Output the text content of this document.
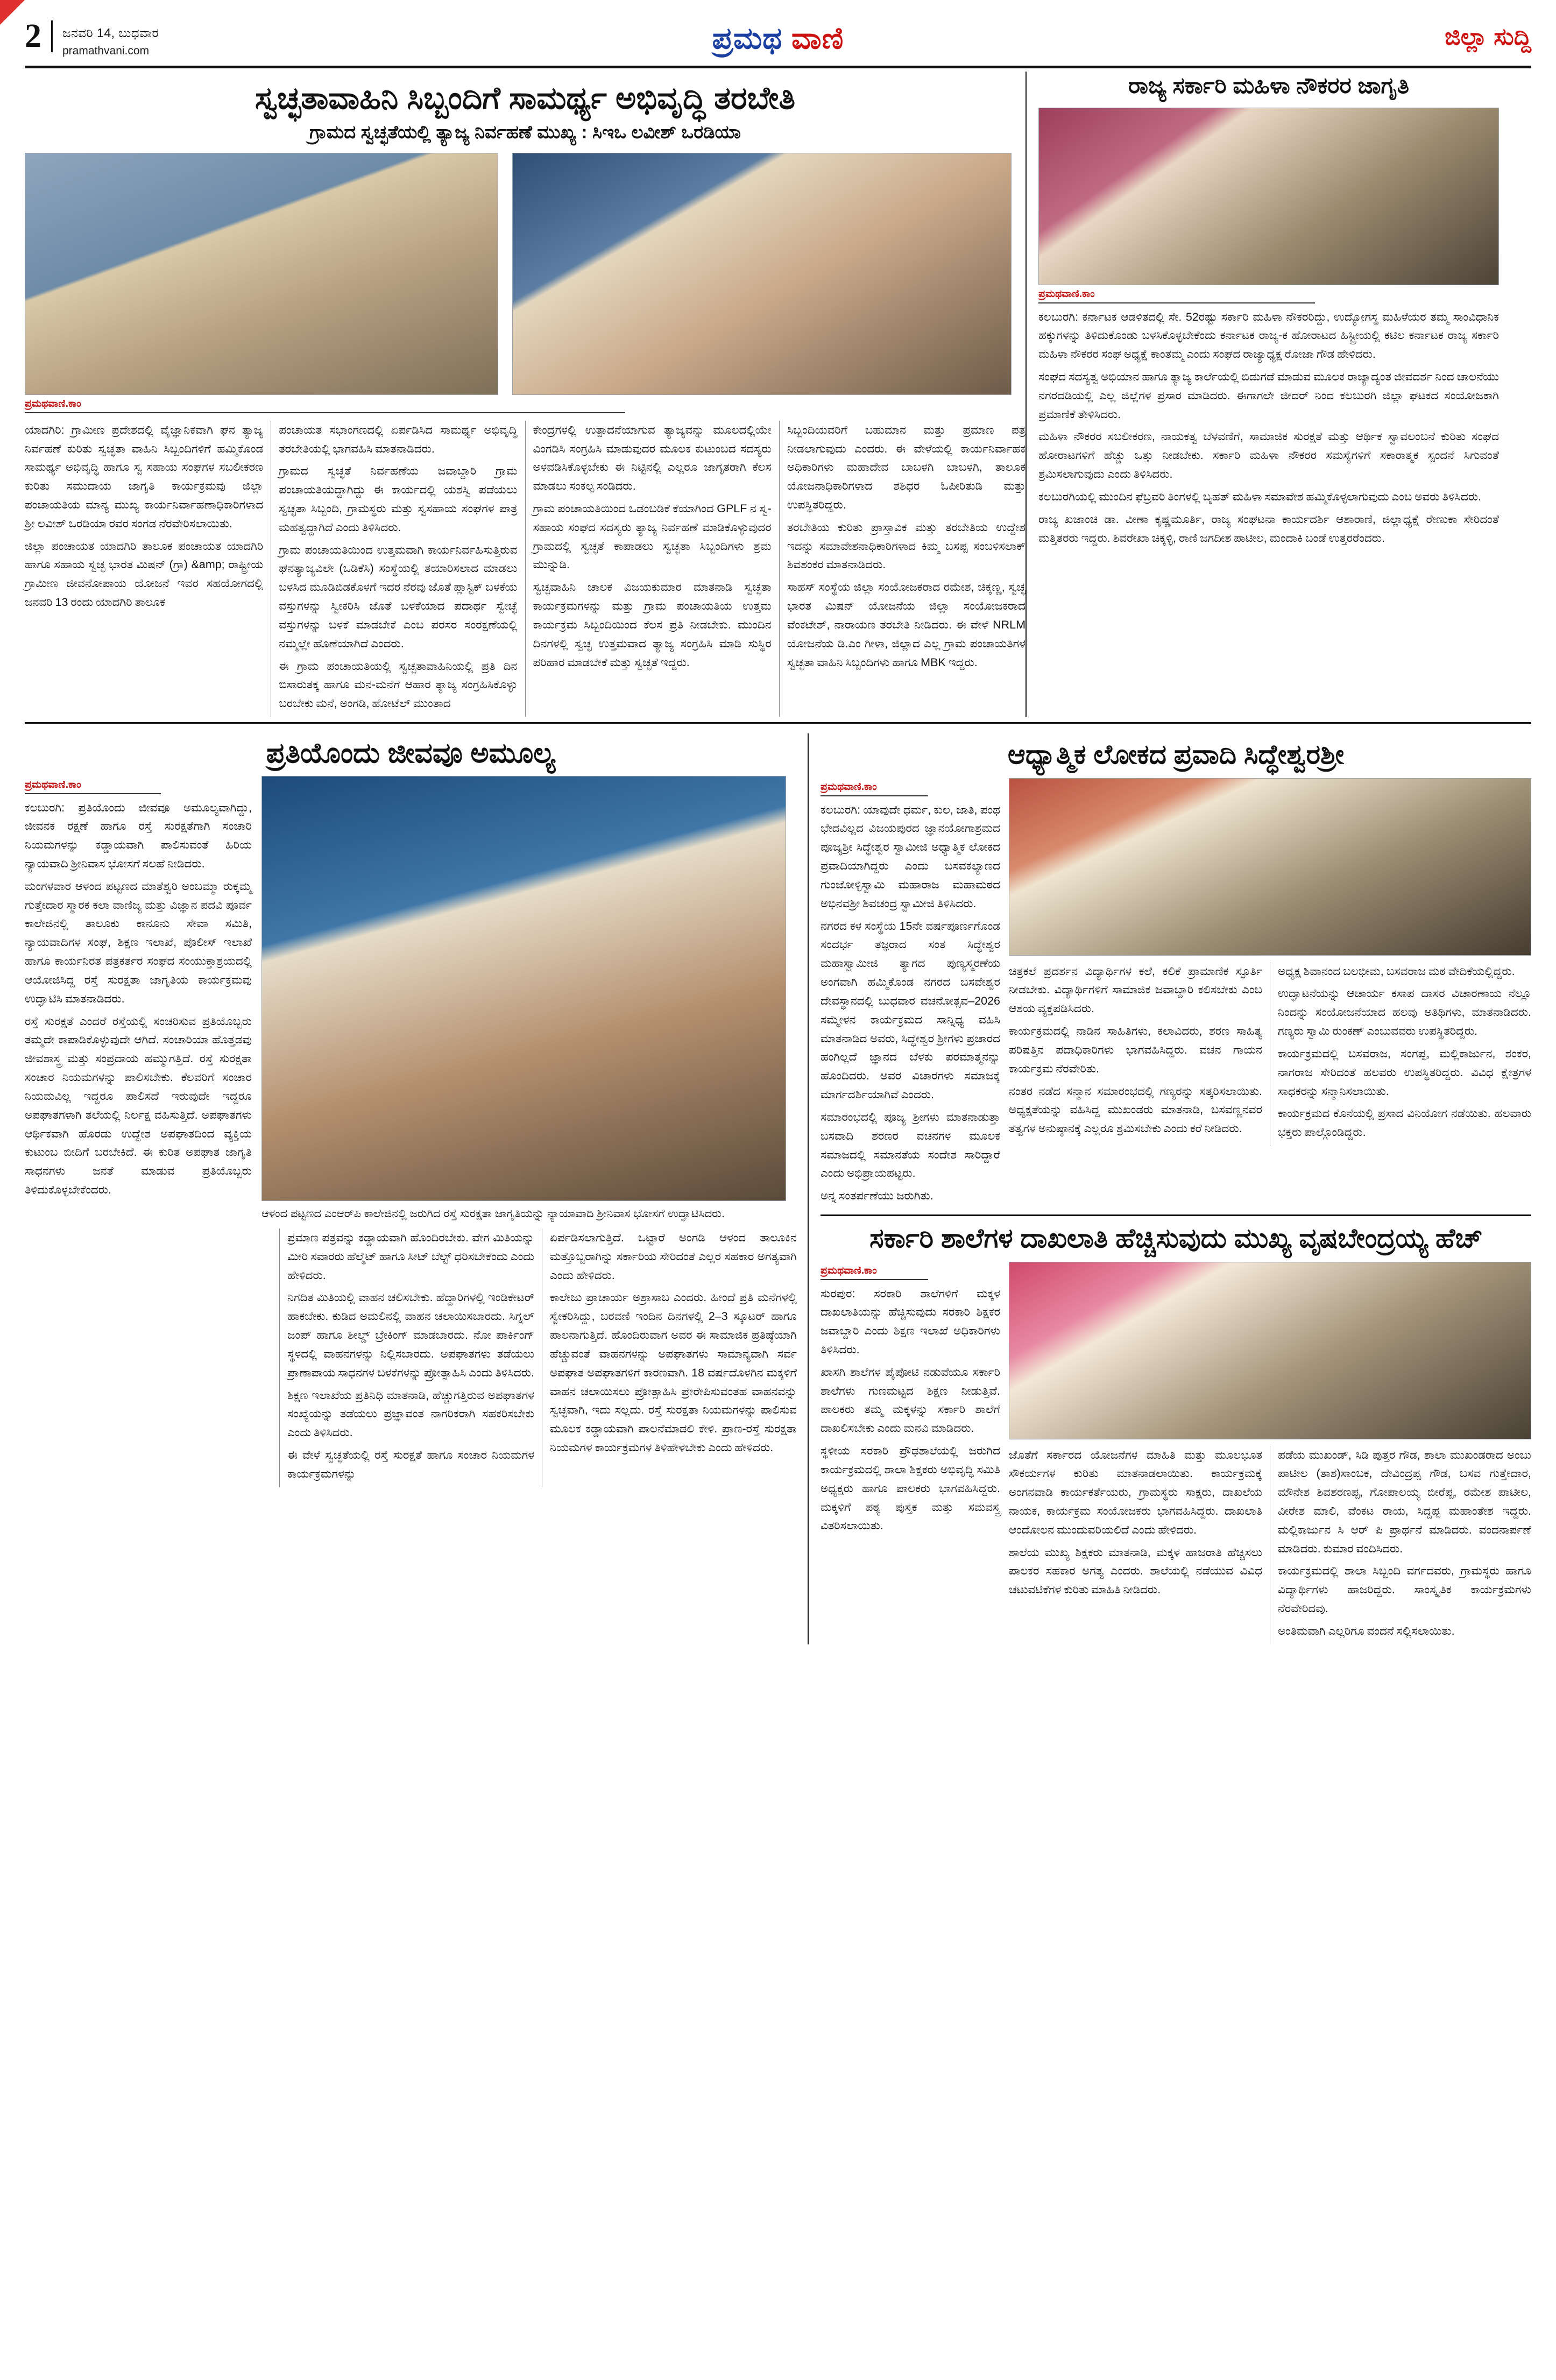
2	ಜನವರಿ 14, ಬುಧವಾರ
pramathvani.com	ಪ್ರಮಥ ವಾಣಿ	ಜಿಲ್ಲಾ ಸುದ್ದಿ
ಸ್ವಚ್ಛತಾವಾಹಿನಿ ಸಿಬ್ಬಂದಿಗೆ ಸಾಮರ್ಥ್ಯ ಅಭಿವೃದ್ಧಿ ತರಬೇತಿ
ಗ್ರಾಮದ ಸ್ವಚ್ಛತೆಯಲ್ಲಿ ತ್ಯಾಜ್ಯ ನಿರ್ವಹಣೆ ಮುಖ್ಯ : ಸಿಇಒ ಲವೀಶ್ ಒರಡಿಯಾ
ಪ್ರಮಥವಾಣಿ.ಕಾಂ

ಯಾದಗಿರಿ: ಗ್ರಾಮೀಣ ಪ್ರದೇಶದಲ್ಲಿ ವೈಜ್ಞಾನಿಕವಾಗಿ ಘನ ತ್ಯಾಜ್ಯ ನಿರ್ವಹಣೆ ಕುರಿತು ಸ್ವಚ್ಛತಾ ವಾಹಿನಿ ಸಿಬ್ಬಂದಿಗಳಿಗೆ ಹಮ್ಮಿಕೊಂಡ ಸಾಮರ್ಥ್ಯ ಅಭಿವೃದ್ಧಿ ಹಾಗೂ ಸ್ವ ಸಹಾಯ ಸಂಘಗಳ ಸಬಲೀಕರಣ ಕುರಿತು ಸಮುದಾಯ ಜಾಗೃತಿ ಕಾರ್ಯಕ್ರಮವು ಜಿಲ್ಲಾ ಪಂಚಾಯತಿಯ ಮಾನ್ಯ ಮುಖ್ಯ ಕಾರ್ಯನಿರ್ವಾಹಣಾಧಿಕಾರಿಗಳಾದ ಶ್ರೀ ಲವೀಶ್ ಒರಡಿಯಾ ರವರ ಸಂಗಡ ನೆರವೇರಿಸಲಾಯಿತು.

ಜಿಲ್ಲಾ ಪಂಚಾಯತ ಯಾದಗಿರಿ ತಾಲೂಕ ಪಂಚಾಯತ ಯಾದಗಿರಿ ಹಾಗೂ ಸಹಾಯ ಸ್ವಚ್ಛ ಭಾರತ ಮಿಷನ್ (ಗ್ರಾ) &amp; ರಾಷ್ಟ್ರೀಯ ಗ್ರಾಮೀಣ ಜೀವನೋಪಾಯ ಯೋಜನೆ ಇವರ ಸಹಯೋಗದಲ್ಲಿ ಜನವರಿ 13 ರಂದು ಯಾದಗಿರಿ ತಾಲೂಕ

ಪಂಚಾಯತ ಸಭಾಂಗಣದಲ್ಲಿ ಏರ್ಪಡಿಸಿದ ಸಾಮರ್ಥ್ಯ ಅಭಿವೃದ್ಧಿ ತರಬೇತಿಯಲ್ಲಿ ಭಾಗವಹಿಸಿ ಮಾತನಾಡಿದರು.

ಗ್ರಾಮದ ಸ್ವಚ್ಛತೆ ನಿರ್ವಹಣೆಯ ಜವಾಬ್ದಾರಿ ಗ್ರಾಮ ಪಂಚಾಯತಿಯದ್ದಾಗಿದ್ದು ಈ ಕಾರ್ಯದಲ್ಲಿ ಯಶಸ್ವಿ ಪಡೆಯಲು ಸ್ವಚ್ಛತಾ ಸಿಬ್ಬಂದಿ, ಗ್ರಾಮಸ್ಥರು ಮತ್ತು ಸ್ವಸಹಾಯ ಸಂಘಗಳ ಪಾತ್ರ ಮಹತ್ವದ್ದಾಗಿದೆ ಎಂದು ತಿಳಿಸಿದರು.

ಗ್ರಾಮ ಪಂಚಾಯತಿಯಿಂದ ಉತ್ತಮವಾಗಿ ಕಾರ್ಯನಿರ್ವಹಿಸುತ್ತಿರುವ ಘನತ್ಯಾಜ್ಯವಿಲೇ (ಒಡಿಕೆಸಿ) ಸಂಸ್ಥೆಯಲ್ಲಿ ತಯಾರಿಸಲಾದ ಮಾಡಲು ಬಳಸಿದ ಮೂಡಿಬಿಡಕೊಳಗೆ ಇದರ ನೆರವು ಜೊತೆ ಪ್ಲಾಸ್ಟಿಕ್ ಬಳಕೆಯ ವಸ್ತುಗಳನ್ನು ಸ್ವೀಕರಿಸಿ ಜೊತೆ ಬಳಕೆಯಾದ ಪದಾರ್ಥ ಸ್ವೇಚ್ಛೆ ವಸ್ತುಗಳನ್ನು ಬಳಕೆ ಮಾಡಬೇಕೆ ಎಂಬ ಪರಸರ ಸಂರಕ್ಷಣೆಯಲ್ಲಿ ನಮ್ಮಲ್ಲೇ ಹೊಣೆಯಾಗಿದೆ ಎಂದರು.

ಈ ಗ್ರಾಮ ಪಂಚಾಯತಿಯಲ್ಲಿ ಸ್ವಚ್ಛತಾವಾಹಿನಿಯಲ್ಲಿ ಪ್ರತಿ ದಿನ ಬಿಸಾರುತಕ್ಕ ಹಾಗೂ ಮನ-ಮನೆಗೆ ಆಹಾರ ತ್ಯಾಜ್ಯ ಸಂಗ್ರಹಿಸಿಕೊಳ್ಳು ಬರಬೇಕು ಮನೆ, ಅಂಗಡಿ, ಹೋಟೆಲ್ ಮುಂತಾದ

ಕೇಂದ್ರಗಳಲ್ಲಿ ಉತ್ಪಾದನೆಯಾಗುವ ತ್ಯಾಜ್ಯವನ್ನು ಮೂಲದಲ್ಲಿಯೇ ವಿಂಗಡಿಸಿ ಸಂಗ್ರಹಿಸಿ ಮಾಡುವುದರ ಮೂಲಕ ಕುಟುಂಬದ ಸದಸ್ಯರು ಅಳವಡಿಸಿಕೊಳ್ಳಬೇಕು ಈ ನಿಟ್ಟಿನಲ್ಲಿ ಎಲ್ಲರೂ ಜಾಗೃತರಾಗಿ ಕೆಲಸ ಮಾಡಲು ಸಂಕಲ್ಪ ಸಂಡಿದರು.

ಗ್ರಾಮ ಪಂಚಾಯತಿಯಿಂದ ಒಡಂಬಡಿಕೆ ಕೆಯಾಗಿಂದ GPLF ನ ಸ್ವ-ಸಹಾಯ ಸಂಘದ ಸದಸ್ಯರು ತ್ಯಾಜ್ಯ ನಿರ್ವಹಣೆ ಮಾಡಿಕೊಳ್ಳುವುದರ ಗ್ರಾಮದಲ್ಲಿ ಸ್ವಚ್ಛತೆ ಕಾಪಾಡಲು ಸ್ವಚ್ಛತಾ ಸಿಬ್ಬಂದಿಗಳು ಶ್ರಮ ಮುನ್ನುಡಿ.

ಸ್ವಚ್ಛವಾಹಿನಿ ಚಾಲಕ ವಿಜಯಕುಮಾರ ಮಾತನಾಡಿ ಸ್ವಚ್ಛತಾ ಕಾರ್ಯಕ್ರಮಗಳನ್ನು ಮತ್ತು ಗ್ರಾಮ ಪಂಚಾಯತಿಯ ಉತ್ತಮ ಕಾರ್ಯಕ್ರಮ ಸಿಬ್ಬಂದಿಯಿಂದ ಕೆಲಸ ಪ್ರತಿ ನೀಡಬೇಕು. ಮುಂದಿನ ದಿನಗಳಲ್ಲಿ ಸ್ವಚ್ಛ ಉತ್ತಮವಾದ ತ್ಯಾಜ್ಯ ಸಂಗ್ರಹಿಸಿ ಮಾಡಿ ಸುಸ್ಥಿರ ಪರಿಹಾರ ಮಾಡಬೇಕೆ ಮತ್ತು ಸ್ವಚ್ಛತೆ ಇದ್ದರು.

ಸಿಬ್ಬಂದಿಯವರಿಗೆ ಬಹುಮಾನ ಮತ್ತು ಪ್ರಮಾಣ ಪತ್ರ ನೀಡಲಾಗುವುದು ಎಂದರು. ಈ ವೇಳೆಯಲ್ಲಿ ಕಾರ್ಯನಿರ್ವಾಹಕ ಅಧಿಕಾರಿಗಳು ಮಹಾದೇವ ಬಾಬಳಗಿ ಬಾಬಳಗಿ, ತಾಲೂಕ ಯೋಜನಾಧಿಕಾರಿಗಳಾದ ಶಶಿಧರ ಓಪೀರಿತುಡಿ ಮತ್ತು ಉಪಸ್ಥಿತರಿದ್ದರು.

ತರಬೇತಿಯ ಕುರಿತು ಪ್ರಾಸ್ತಾವಿಕ ಮತ್ತು ತರಬೇತಿಯ ಉದ್ದೇಶ ಇದನ್ನು ಸಮಾವೇಶನಾಧಿಕಾರಿಗಳಾದ ಕಿಮ್ಮ ಬಸಪ್ಪ ಸಂಬಳಿಸಲಾಕ್ ಶಿವಶಂಕರ ಮಾತನಾಡಿದರು.

ಸಾಹಸ್ ಸಂಸ್ಥೆಯ ಜಿಲ್ಲಾ ಸಂಯೋಜಕರಾದ ರಮೇಶ, ಚಿಕ್ಕಣ್ಣ, ಸ್ವಚ್ಛ ಭಾರತ ಮಿಷನ್ ಯೋಜನೆಯ ಜಿಲ್ಲಾ ಸಂಯೋಜಕರಾದ ವೆಂಕಟೇಶ್, ನಾರಾಯಣ ತರಬೇತಿ ನೀಡಿದರು. ಈ ವೇಳೆ NRLM ಯೋಜನೆಯ ಡಿ.ಎಂ ಗೀಳಾ, ಜಿಲ್ಲಾದ ಎಲ್ಲ ಗ್ರಾಮ ಪಂಚಾಯತಿಗಳ ಸ್ವಚ್ಛತಾ ವಾಹಿನಿ ಸಿಬ್ಬಂದಿಗಳು ಹಾಗೂ MBK ಇದ್ದರು.

ರಾಜ್ಯ ಸರ್ಕಾರಿ ಮಹಿಳಾ ನೌಕರರ ಜಾಗೃತಿ
ಪ್ರಮಥವಾಣಿ.ಕಾಂ

ಕಲಬುರಗಿ: ಕರ್ನಾಟಕ ಆಡಳಿತದಲ್ಲಿ ಸೇ. 52ರಷ್ಟು ಸರ್ಕಾರಿ ಮಹಿಳಾ ನೌಕರರಿದ್ದು, ಉದ್ಯೋಗಸ್ಥ ಮಹಿಳೆಯರ ತಮ್ಮ ಸಾಂವಿಧಾನಿಕ ಹಕ್ಕುಗಳನ್ನು ತಿಳಿದುಕೊಂಡು ಬಳಸಿಕೊಳ್ಳಬೇಕೆಂದು ಕರ್ನಾಟಕ ರಾಜ್ಯ-ಕ ಹೋರಾಟದ ಹಿಸ್ಟ್ರೀಯಲ್ಲಿ ಕಟಿಲ ಕರ್ನಾಟಕ ರಾಜ್ಯ ಸರ್ಕಾರಿ ಮಹಿಳಾ ನೌಕರರ ಸಂಘ ಅಧ್ಯಕ್ಷೆ ಕಾಂತಮ್ಮ ಎಂದು ಸಂಘದ ರಾಜ್ಯಾಧ್ಯಕ್ಷ ರೋಜಾ ಗೌಡ ಹೇಳಿದರು.

ಸಂಘದ ಸದಸ್ಯತ್ವ ಅಭಿಯಾನ ಹಾಗೂ ತ್ಯಾಜ್ಯ ಕಾರ್ಲೆಯಲ್ಲಿ ಬಿಡುಗಡೆ ಮಾಡುವ ಮೂಲಕ ರಾಜ್ಯಾದ್ಯಂತ ಜೀವದರ್ಶ ನಿಂದ ಚಾಲನೆಯು ನಗರದಡಿಯಲ್ಲಿ ಎಲ್ಲ ಜಿಲ್ಲೆಗಳ ಪ್ರಸಾರ ಮಾಡಿದರು. ಈಗಾಗಲೇ ಜೀದರ್ ನಿಂದ ಕಲಬುರಗಿ ಜಿಲ್ಲಾ ಘಟಕದ ಸಂಯೋಜಕಾಗಿ ಪ್ರಮಾಣಿಕೆ ತೇಳಿಸಿದರು.

ಮಹಿಳಾ ನೌಕರರ ಸಬಲೀಕರಣ, ನಾಯಕತ್ವ ಬೆಳವಣಿಗೆ, ಸಾಮಾಜಿಕ ಸುರಕ್ಷತೆ ಮತ್ತು ಆರ್ಥಿಕ ಸ್ವಾವಲಂಬನೆ ಕುರಿತು ಸಂಘದ ಹೋರಾಟಗಳಿಗೆ ಹೆಚ್ಚು ಒತ್ತು ನೀಡಬೇಕು. ಸರ್ಕಾರಿ ಮಹಿಳಾ ನೌಕರರ ಸಮಸ್ಯೆಗಳಿಗೆ ಸಕಾರಾತ್ಮಕ ಸ್ಪಂದನೆ ಸಿಗುವಂತೆ ಶ್ರಮಿಸಲಾಗುವುದು ಎಂದು ತಿಳಿಸಿದರು.

ಕಲಬುರಗಿಯಲ್ಲಿ ಮುಂದಿನ ಫೆಬ್ರವರಿ ತಿಂಗಳಲ್ಲಿ ಬೃಹತ್ ಮಹಿಳಾ ಸಮಾವೇಶ ಹಮ್ಮಿಕೊಳ್ಳಲಾಗುವುದು ಎಂಬ ಅವರು ತಿಳಿಸಿದರು.

ರಾಜ್ಯ ಖಜಾಂಚಿ ಡಾ. ವೀಣಾ ಕೃಷ್ಣಮೂರ್ತಿ, ರಾಜ್ಯ ಸಂಘಟನಾ ಕಾರ್ಯದರ್ಶಿ ಆಶಾರಾಣಿ, ಜಿಲ್ಲಾಧ್ಯಕ್ಷೆ ರೇಣುಕಾ ಸೇರಿದಂತೆ ಮತ್ತಿತರರು ಇದ್ದರು. ಶಿವರೇಖಾ ಚಿಕ್ಕಳ್ಳಿ, ರಾಣಿ ಜಗದೀಶ ಪಾಟೀಲ, ಮಂದಾಕಿ ಬಂಡೆ ಉತ್ತರರೆಂದರು.

ಪ್ರತಿಯೊಂದು ಜೀವವೂ ಅಮೂಲ್ಯ
ಪ್ರಮಥವಾಣಿ.ಕಾಂ

ಕಲಬುರಗಿ: ಪ್ರತಿಯೊಂದು ಜೀವವೂ ಅಮೂಲ್ಯವಾಗಿದ್ದು, ಜೀವನಕ ರಕ್ಷಣೆ ಹಾಗೂ ರಸ್ತೆ ಸುರಕ್ಷತೆಗಾಗಿ ಸಂಚಾರಿ ನಿಯಮಗಳನ್ನು ಕಡ್ಡಾಯವಾಗಿ ಪಾಲಿಸುವಂತೆ ಹಿರಿಯ ನ್ಯಾಯವಾದಿ ಶ್ರೀನಿವಾಸ ಭೋಸಗೆ ಸಲಹೆ ನೀಡಿದರು.

ಮಂಗಳವಾರ ಆಳಂದ ಪಟ್ಟಣದ ಮಾತೆಶ್ವರಿ ಅಂಬಮ್ಮಾ ರುಕ್ಕಮ್ಮ ಗುತ್ತೇದಾರ ಸ್ಮಾರಕ ಕಲಾ ವಾಣಿಜ್ಯ ಮತ್ತು ವಿಜ್ಞಾನ ಪದವಿ ಪೂರ್ವ ಕಾಲೇಜಿನಲ್ಲಿ ತಾಲೂಕು ಕಾನೂನು ಸೇವಾ ಸಮಿತಿ, ನ್ಯಾಯವಾದಿಗಳ ಸಂಘ, ಶಿಕ್ಷಣ ಇಲಾಖೆ, ಪೊಲೀಸ್ ಇಲಾಖೆ ಹಾಗೂ ಕಾರ್ಯನಿರತ ಪತ್ರಕರ್ತರ ಸಂಘದ ಸಂಯುಕ್ತಾಶ್ರಯದಲ್ಲಿ ಆಯೋಜಿಸಿದ್ದ ರಸ್ತೆ ಸುರಕ್ಷತಾ ಜಾಗೃತಿಯ ಕಾರ್ಯಕ್ರಮವು ಉದ್ಘಾಟಿಸಿ ಮಾತನಾಡಿದರು.

ರಸ್ತೆ ಸುರಕ್ಷತೆ ಎಂದರೆ ರಸ್ತೆಯಲ್ಲಿ ಸಂಚರಿಸುವ ಪ್ರತಿಯೊಬ್ಬರು ತಮ್ಮದೇ ಕಾಪಾಡಿಕೊಳ್ಳುವುದೇ ಆಗಿದೆ. ಸಂಚಾರಿಯಾ ಹೊತ್ತಡವು ಜೀವಶಾಸ್ತ್ರ ಮತ್ತು ಸಂಪ್ರದಾಯ ಹಮ್ಮುಗತ್ತಿದೆ. ರಸ್ತೆ ಸುರಕ್ಷತಾ ಸಂಚಾರ ನಿಯಮಗಳನ್ನು ಪಾಲಿಸಬೇಕು. ಕೆಲವರಿಗೆ ಸಂಚಾರ ನಿಯಮವಿಲ್ಲ ಇದ್ದರೂ ಪಾಲಿಸದೆ ಇರುವುದೇ ಇದ್ದರೂ ಅಪಘಾತಗಳಾಗಿ ತಲೆಯಲ್ಲಿ ನಿರ್ಲಕ್ಷ ವಹಿಸುತ್ತಿದೆ. ಅಪಘಾತಗಳು ಆರ್ಥಿಕವಾಗಿ ಹೊರಡು ಉದ್ದೇಶ ಅಪಘಾತದಿಂದ ವ್ಯಕ್ತಿಯ ಕುಟುಂಬ ಬೀದಿಗೆ ಬರಬೇಕಿದೆ. ಈ ಕುರಿತ ಅಪಘಾತ ಜಾಗೃತಿ ಸಾಧನಗಳು ಜನತೆ ಮಾಡುವ ಪ್ರತಿಯೊಬ್ಬರು ತಿಳಿದುಕೊಳ್ಳಬೇಕೆಂದರು.

ಆಳಂದ ಪಟ್ಟಣದ ಎಂಆರ್‌ಪಿ ಕಾಲೇಜಿನಲ್ಲಿ ಜರುಗಿದ ರಸ್ತೆ ಸುರಕ್ಷತಾ ಜಾಗೃತಿಯನ್ನು ನ್ಯಾಯಾವಾದಿ ಶ್ರೀನಿವಾಸ ಭೋಸಗೆ ಉದ್ಘಾಟಿಸಿದರು.

ಪ್ರಮಾಣ ಪತ್ರವನ್ನು ಕಡ್ಡಾಯವಾಗಿ ಹೊಂದಿರಬೇಕು. ವೇಗ ಮಿತಿಯನ್ನು ಮೀರಿ ಸವಾರರು ಹೆಲ್ಮೆಟ್ ಹಾಗೂ ಸೀಟ್ ಬೆಲ್ಟ್ ಧರಿಸಬೇಕೆಂದು ಎಂದು ಹೇಳಿದರು.

ನಿಗದಿತ ಮಿತಿಯಲ್ಲಿ ವಾಹನ ಚಲಿಸಬೇಕು. ಹೆದ್ದಾರಿಗಳಲ್ಲಿ ಇಂಡಿಕೇಟರ್ ಹಾಕಬೇಕು. ಕುಡಿದ ಅಮಲಿನಲ್ಲಿ ವಾಹನ ಚಲಾಯಿಸಬಾರದು. ಸಿಗ್ನಲ್ ಜಂಪ್ ಹಾಗೂ ಶೀಲ್ಡ್ ಬ್ರೇಕಿಂಗ್ ಮಾಡಬಾರದು. ನೋ ಪಾರ್ಕಿಂಗ್ ಸ್ಥಳದಲ್ಲಿ ವಾಹನಗಳನ್ನು ನಿಲ್ಲಿಸಬಾರದು. ಅಪಘಾತಗಳು ತಡೆಯಲು ಪ್ರಾಣಾಪಾಯ ಸಾಧನಗಳ ಬಳಕೆಗಳನ್ನು ಪ್ರೋತ್ಸಾಹಿಸಿ ಎಂದು ತಿಳಿಸಿದರು.

ಶಿಕ್ಷಣ ಇಲಾಖೆಯ ಪ್ರತಿನಿಧಿ ಮಾತನಾಡಿ, ಹೆಚ್ಚುಗತ್ತಿರುವ ಅಪಘಾತಗಳ ಸಂಖ್ಯೆಯನ್ನು ತಡೆಯಲು ಪ್ರಜ್ಞಾವಂತ ನಾಗರಿಕರಾಗಿ ಸಹಕರಿಸಬೇಕು ಎಂದು ತಿಳಿಸಿದರು.

ಈ ವೇಳೆ ಸ್ವಚ್ಛತೆಯಲ್ಲಿ ರಸ್ತೆ ಸುರಕ್ಷತೆ ಹಾಗೂ ಸಂಚಾರ ನಿಯಮಗಳ ಕಾರ್ಯಕ್ರಮಗಳನ್ನು

ಏರ್ಪಡಿಸಲಾಗುತ್ತಿದೆ. ಒಟ್ಟಾರೆ ಅಂಗಡಿ ಆಳಂದ ತಾಲೂಕಿನ ಮತ್ತೊಬ್ಬರಾಗಿನ್ನು ಸರ್ಕಾರಿಯ ಸೇರಿದಂತೆ ಎಲ್ಲರ ಸಹಕಾರ ಅಗತ್ಯವಾಗಿ ಎಂದು ಹೇಳಿದರು.

ಕಾಲೇಜು ಪ್ರಾಚಾರ್ಯ ಅಶ್ರಾಸಾಬ ಎಂದರು. ಹೀಂದೆ ಪ್ರತಿ ಮನೆಗಳಲ್ಲಿ ಸ್ವೇಕರಿಸಿದ್ದು, ಬರವಣಿ ಇಂದಿನ ದಿನಗಳಲ್ಲಿ 2–3 ಸ್ಕೂಟರ್ ಹಾಗೂ ಪಾಲನಾಗುತ್ತಿದೆ. ಹೊಂದಿರುವಾಗ ಅವರ ಈ ಸಾಮಾಜಿಕ ಪ್ರತಿಷ್ಠೆಯಾಗಿ ಹೆಚ್ಚುವಂತೆ ವಾಹನಗಳನ್ನು ಅಪಘಾತಗಳು ಸಾಮಾನ್ಯವಾಗಿ ಸರ್ವ ಅಪಘಾತ ಅಪಘಾತಗಳಿಗೆ ಕಾರಣವಾಗಿ. 18 ವರ್ಷದೊಳಗಿನ ಮಕ್ಕಳಿಗೆ ವಾಹನ ಚಲಾಯಿಸಲು ಪ್ರೋತ್ಸಾಹಿಸಿ ಪ್ರೇರೇಪಿಸುವಂತಹ ವಾಹನವನ್ನು ಸ್ವಚ್ಛವಾಗಿ, ಇದು ಸಲ್ಲದು. ರಸ್ತೆ ಸುರಕ್ಷತಾ ನಿಯಮಗಳನ್ನು ಪಾಲಿಸುವ ಮೂಲಕ ಕಡ್ಡಾಯವಾಗಿ ಪಾಲನೆಮಾಡಲಿ ಕೇಳಿ. ಪ್ರಾಣ-ರಸ್ತೆ ಸುರಕ್ಷತಾ ನಿಯಮಗಳ ಕಾರ್ಯಕ್ರಮಗಳ ತಿಳಿಹೇಳಬೇಕು ಎಂದು ಹೇಳಿದರು.

ಆಧ್ಯಾತ್ಮಿಕ ಲೋಕದ ಪ್ರವಾದಿ ಸಿದ್ಧೇಶ್ವರಶ್ರೀ
ಪ್ರಮಥವಾಣಿ.ಕಾಂ

ಕಲಬುರಗಿ: ಯಾವುದೇ ಧರ್ಮ, ಕುಲ, ಜಾತಿ, ಪಂಥ ಭೇದವಿಲ್ಲದ ವಿಜಯಪುರದ ಜ್ಞಾನಯೋಗಾಶ್ರಮದ ಪೂಜ್ಯಶ್ರೀ ಸಿದ್ಧೇಶ್ವರ ಸ್ವಾಮೀಜಿ ಅಧ್ಯಾತ್ಮಿಕ ಲೋಕದ ಪ್ರವಾದಿಯಾಗಿದ್ದರು ಎಂದು ಬಸವಕಲ್ಯಾಣದ ಗುಂಜೋಳ್ಳಿಸ್ವಾಮಿ ಮಹಾರಾಜ ಮಹಾಮಠದ ಅಭಿನವಶ್ರೀ ಶಿವಚಂದ್ರ ಸ್ವಾಮೀಜಿ ತಿಳಿಸಿದರು.

ನಗರದ ಕಳ ಸಂಸ್ಥೆಯ 15ನೇ ವರ್ಷಪೂರ್ಣಗೊಂಡ ಸಂದರ್ಭ ತಜ್ಞರಾದ ಸಂತ ಸಿದ್ಧೇಶ್ವರ ಮಹಾಸ್ವಾಮೀಜಿ ತ್ಯಾಗದ ಪುಣ್ಯಸ್ಮರಣೆಯ ಅಂಗವಾಗಿ ಹಮ್ಮಿಕೊಂಡ ನಗರದ ಬಸವೇಶ್ವರ ದೇವಸ್ಥಾನದಲ್ಲಿ ಬುಧವಾರ ವಚನೋತ್ಸವ–2026 ಸಮ್ಮೇಳನ ಕಾರ್ಯಕ್ರಮದ ಸಾನ್ನಿಧ್ಯ ವಹಿಸಿ ಮಾತನಾಡಿದ ಅವರು, ಸಿದ್ಧೇಶ್ವರ ಶ್ರೀಗಳು ಪ್ರಚಾರದ ಹಂಗಿಲ್ಲದೆ ಜ್ಞಾನದ ಬೆಳಕು ಪರಮಾತ್ಮನನ್ನು ಹೊಂದಿದರು. ಅವರ ವಿಚಾರಗಳು ಸಮಾಜಕ್ಕೆ ಮಾರ್ಗದರ್ಶಿಯಾಗಿವೆ ಎಂದರು.

ಸಮಾರಂಭದಲ್ಲಿ ಪೂಜ್ಯ ಶ್ರೀಗಳು ಮಾತನಾಡುತ್ತಾ ಬಸವಾದಿ ಶರಣರ ವಚನಗಳ ಮೂಲಕ ಸಮಾಜದಲ್ಲಿ ಸಮಾನತೆಯ ಸಂದೇಶ ಸಾರಿದ್ದಾರೆ ಎಂದು ಅಭಿಪ್ರಾಯಪಟ್ಟರು.

ಅನ್ನ ಸಂತರ್ಪಣೆಯು ಜರುಗಿತು.

ಚಿತ್ರಕಲೆ ಪ್ರದರ್ಶನ ವಿದ್ಯಾರ್ಥಿಗಳ ಕಲೆ, ಕಲಿಕೆ ಪ್ರಾಮಾಣಿಕ ಸ್ಫೂರ್ತಿ ನೀಡಬೇಕು. ವಿದ್ಯಾರ್ಥಿಗಳಿಗೆ ಸಾಮಾಜಿಕ ಜವಾಬ್ದಾರಿ ಕಲಿಸಬೇಕು ಎಂಬ ಆಶಯ ವ್ಯಕ್ತಪಡಿಸಿದರು.

ಕಾರ್ಯಕ್ರಮದಲ್ಲಿ ನಾಡಿನ ಸಾಹಿತಿಗಳು, ಕಲಾವಿದರು, ಶರಣ ಸಾಹಿತ್ಯ ಪರಿಷತ್ತಿನ ಪದಾಧಿಕಾರಿಗಳು ಭಾಗವಹಿಸಿದ್ದರು. ವಚನ ಗಾಯನ ಕಾರ್ಯಕ್ರಮ ನೆರವೇರಿತು.

ನಂತರ ನಡೆದ ಸನ್ಮಾನ ಸಮಾರಂಭದಲ್ಲಿ ಗಣ್ಯರನ್ನು ಸತ್ಕರಿಸಲಾಯಿತು. ಅಧ್ಯಕ್ಷತೆಯನ್ನು ವಹಿಸಿದ್ದ ಮುಖಂಡರು ಮಾತನಾಡಿ, ಬಸವಣ್ಣನವರ ತತ್ವಗಳ ಅನುಷ್ಠಾನಕ್ಕೆ ಎಲ್ಲರೂ ಶ್ರಮಿಸಬೇಕು ಎಂದು ಕರೆ ನೀಡಿದರು.

ಅಧ್ಯಕ್ಷ ಶಿವಾನಂದ ಬಲಭೀಮ, ಬಸವರಾಜ ಮಠ ವೇದಿಕೆಯಲ್ಲಿದ್ದರು.

ಉದ್ಘಾಟನೆಯನ್ನು ಆಚಾರ್ಯ ಕಸಾಪ ದಾಸರ ವಿಚಾರಣಾಯ ನೆಲ್ಲೂ ನಿಂದನ್ನು ಸಂಯೋಜನೆಯಾದ ಹಲವು ಅತಿಥಿಗಳು, ಮಾತನಾಡಿದರು. ಗಣ್ಯರು ಸ್ವಾಮಿ ರುಂಕಣ್ ಎಂಬುವವರು ಉಪಸ್ಥಿತರಿದ್ದರು.

ಕಾರ್ಯಕ್ರಮದಲ್ಲಿ ಬಸವರಾಜ, ಸಂಗಪ್ಪ, ಮಲ್ಲಿಕಾರ್ಜುನ, ಶಂಕರ, ನಾಗರಾಜ ಸೇರಿದಂತೆ ಹಲವರು ಉಪಸ್ಥಿತರಿದ್ದರು. ವಿವಿಧ ಕ್ಷೇತ್ರಗಳ ಸಾಧಕರನ್ನು ಸನ್ಮಾನಿಸಲಾಯಿತು.

ಕಾರ್ಯಕ್ರಮದ ಕೊನೆಯಲ್ಲಿ ಪ್ರಸಾದ ವಿನಿಯೋಗ ನಡೆಯಿತು. ಹಲವಾರು ಭಕ್ತರು ಪಾಲ್ಗೊಂಡಿದ್ದರು.

ಸರ್ಕಾರಿ ಶಾಲೆಗಳ ದಾಖಲಾತಿ ಹೆಚ್ಚಿಸುವುದು ಮುಖ್ಯ ವೃಷಬೇಂದ್ರಯ್ಯ ಹೆಚ್
ಪ್ರಮಥವಾಣಿ.ಕಾಂ

ಸುರಪುರ: ಸರಕಾರಿ ಶಾಲೆಗಳಿಗೆ ಮಕ್ಕಳ ದಾಖಲಾತಿಯನ್ನು ಹೆಚ್ಚಿಸುವುದು ಸರಕಾರಿ ಶಿಕ್ಷಕರ ಜವಾಬ್ದಾರಿ ಎಂದು ಶಿಕ್ಷಣ ಇಲಾಖೆ ಅಧಿಕಾರಿಗಳು ತಿಳಿಸಿದರು.

ಖಾಸಗಿ ಶಾಲೆಗಳ ಪೈಪೋಟಿ ನಡುವೆಯೂ ಸರ್ಕಾರಿ ಶಾಲೆಗಳು ಗುಣಮಟ್ಟದ ಶಿಕ್ಷಣ ನೀಡುತ್ತಿವೆ. ಪಾಲಕರು ತಮ್ಮ ಮಕ್ಕಳನ್ನು ಸರ್ಕಾರಿ ಶಾಲೆಗೆ ದಾಖಲಿಸಬೇಕು ಎಂದು ಮನವಿ ಮಾಡಿದರು.

ಸ್ಥಳೀಯ ಸರಕಾರಿ ಪ್ರೌಢಶಾಲೆಯಲ್ಲಿ ಜರುಗಿದ ಕಾರ್ಯಕ್ರಮದಲ್ಲಿ ಶಾಲಾ ಶಿಕ್ಷಕರು ಅಭಿವೃದ್ಧಿ ಸಮಿತಿ ಅಧ್ಯಕ್ಷರು ಹಾಗೂ ಪಾಲಕರು ಭಾಗವಹಿಸಿದ್ದರು. ಮಕ್ಕಳಿಗೆ ಪಠ್ಯ ಪುಸ್ತಕ ಮತ್ತು ಸಮವಸ್ತ್ರ ವಿತರಿಸಲಾಯಿತು.

ಜೊತೆಗೆ ಸರ್ಕಾರದ ಯೋಜನೆಗಳ ಮಾಹಿತಿ ಮತ್ತು ಮೂಲಭೂತ ಸೌಕರ್ಯಗಳ ಕುರಿತು ಮಾತನಾಡಲಾಯಿತು. ಕಾರ್ಯಕ್ರಮಕ್ಕೆ ಅಂಗನವಾಡಿ ಕಾರ್ಯಕರ್ತೆಯರು, ಗ್ರಾಮಸ್ಥರು ಸಾಕ್ಷರು, ದಾಖಲೆಯ ನಾಯಕ, ಕಾರ್ಯಕ್ರಮ ಸಂಯೋಜಕರು ಭಾಗವಹಿಸಿದ್ದರು. ದಾಖಲಾತಿ ಆಂದೋಲನ ಮುಂದುವರಿಯಲಿದೆ ಎಂದು ಹೇಳಿದರು.

ಶಾಲೆಯ ಮುಖ್ಯ ಶಿಕ್ಷಕರು ಮಾತನಾಡಿ, ಮಕ್ಕಳ ಹಾಜರಾತಿ ಹೆಚ್ಚಿಸಲು ಪಾಲಕರ ಸಹಕಾರ ಅಗತ್ಯ ಎಂದರು. ಶಾಲೆಯಲ್ಲಿ ನಡೆಯುವ ವಿವಿಧ ಚಟುವಟಿಕೆಗಳ ಕುರಿತು ಮಾಹಿತಿ ನೀಡಿದರು.

ಪಡೆಯ ಮುಖಂಡ್, ಸಿಡಿ ಪುತ್ತರ ಗೌಡ, ಶಾಲಾ ಮುಖಂಡರಾದ ಅಂಬು ಪಾಟೀಲ (ತಾಶ)ಸಾಂಬಕ, ದೇವಿಂದ್ರಪ್ಪ ಗೌಡ, ಬಸವ ಗುತ್ತೇದಾರ, ಮೌನೇಶ ಶಿವಶರಣಪ್ಪ, ಗೋಪಾಲಯ್ಯ ಬೀರೆಪ್ಪ, ರಮೇಶ ಪಾಟೀಲ, ವೀರೇಶ ಮಾಲಿ, ವೆಂಕಟ ರಾಯ, ಸಿದ್ದಪ್ಪ ಮಹಾಂತೇಶ ಇದ್ದರು. ಮಲ್ಲಿಕಾರ್ಜುನ ಸಿ ಆರ್ ಪಿ ಪ್ರಾರ್ಥನೆ ಮಾಡಿದರು. ವಂದನಾರ್ಪಣೆ ಮಾಡಿದರು. ಕುಮಾರ ವಂದಿಸಿದರು.

ಕಾರ್ಯಕ್ರಮದಲ್ಲಿ ಶಾಲಾ ಸಿಬ್ಬಂದಿ ವರ್ಗದವರು, ಗ್ರಾಮಸ್ಥರು ಹಾಗೂ ವಿದ್ಯಾರ್ಥಿಗಳು ಹಾಜರಿದ್ದರು. ಸಾಂಸ್ಕೃತಿಕ ಕಾರ್ಯಕ್ರಮಗಳು ನೆರವೇರಿದವು.

ಅಂತಿಮವಾಗಿ ಎಲ್ಲರಿಗೂ ವಂದನೆ ಸಲ್ಲಿಸಲಾಯಿತು.
